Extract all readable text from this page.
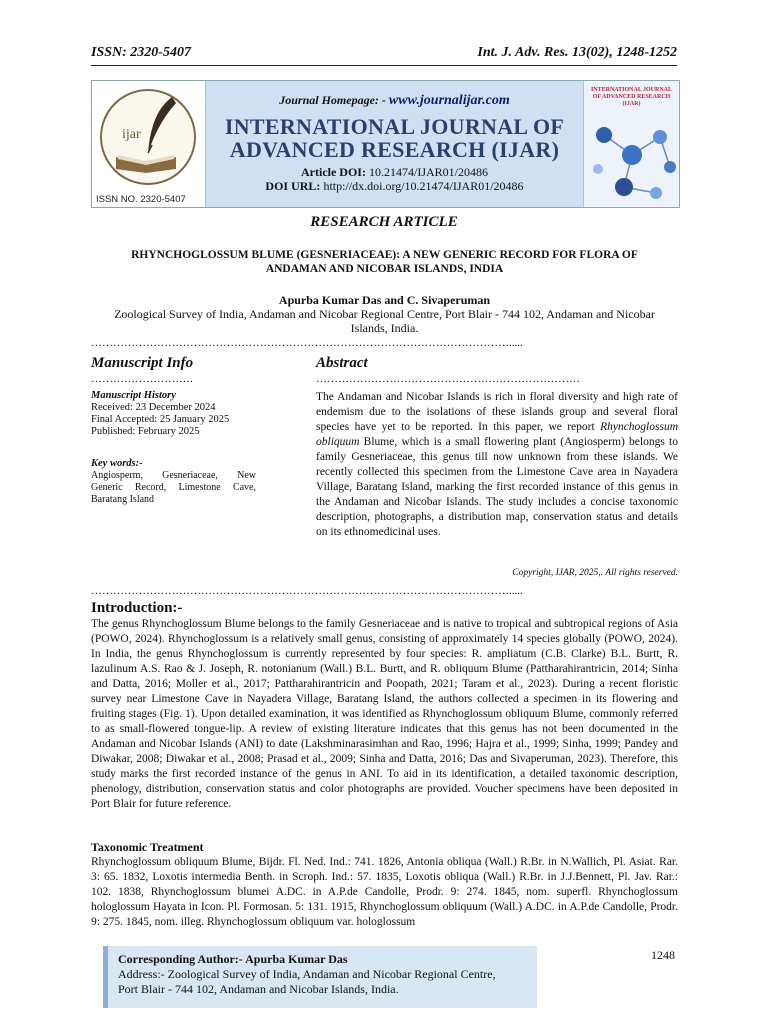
ISSN: 2320-5407	Int. J. Adv. Res. 13(02), 1248-1252
ijar
ISSN NO. 2320-5407
Journal Homepage: - www.journalijar.com
INTERNATIONAL JOURNAL OF
ADVANCED RESEARCH (IJAR)
Article DOI: 10.21474/IJAR01/20486
DOI URL: http://dx.doi.org/10.21474/IJAR01/20486
INTERNATIONAL JOURNAL OF ADVANCED RESEARCH (IJAR)
RESEARCH ARTICLE
RHYNCHOGLOSSUM BLUME (GESNERIACEAE): A NEW GENERIC RECORD FOR FLORA OF
ANDAMAN AND NICOBAR ISLANDS, INDIA
Apurba Kumar Das and C. Sivaperuman
Zoological Survey of India, Andaman and Nicobar Regional Centre, Port Blair - 744 102, Andaman and Nicobar
Islands, India.
…………………………………………………………………………………………………….....
Manuscript Info
……………………….
Manuscript History
Received: 23 December 2024
Final Accepted: 25 January 2025
Published: February 2025
Key words:-
Angiosperm, Gesneriaceae, New Generic Record, Limestone Cave, Baratang Island
Abstract
………………………………………………………………
The Andaman and Nicobar Islands is rich in floral diversity and high rate of endemism due to the isolations of these islands group and several floral species have yet to be reported. In this paper, we report Rhynchoglossum obliquum Blume, which is a small flowering plant (Angiosperm) belongs to family Gesneriaceae, this genus till now unknown from these islands. We recently collected this specimen from the Limestone Cave area in Nayadera Village, Baratang Island, marking the first recorded instance of this genus in the Andaman and Nicobar Islands. The study includes a concise taxonomic description, photographs, a distribution map, conservation status and details on its ethnomedicinal uses.
Copyright, IJAR, 2025,. All rights reserved.
…………………………………………………………………………………………………….....
Introduction:-
The genus Rhynchoglossum Blume belongs to the family Gesneriaceae and is native to tropical and subtropical regions of Asia (POWO, 2024). Rhynchoglossum is a relatively small genus, consisting of approximately 14 species globally (POWO, 2024). In India, the genus Rhynchoglossum is currently represented by four species: R. ampliatum (C.B. Clarke) B.L. Burtt, R. lazulinum A.S. Rao & J. Joseph, R. notonianum (Wall.) B.L. Burtt, and R. obliquum Blume (Pattharahirantricin, 2014; Sinha and Datta, 2016; Moller et al., 2017; Pattharahirantricin and Poopath, 2021; Taram et al., 2023). During a recent floristic survey near Limestone Cave in Nayadera Village, Baratang Island, the authors collected a specimen in its flowering and fruiting stages (Fig. 1). Upon detailed examination, it was identified as Rhynchoglossum obliquum Blume, commonly referred to as small-flowered tongue-lip. A review of existing literature indicates that this genus has not been documented in the Andaman and Nicobar Islands (ANI) to date (Lakshminarasimhan and Rao, 1996; Hajra et al., 1999; Sinha, 1999; Pandey and Diwakar, 2008; Diwakar et al., 2008; Prasad et al., 2009; Sinha and Datta, 2016; Das and Sivaperuman, 2023). Therefore, this study marks the first recorded instance of the genus in ANI. To aid in its identification, a detailed taxonomic description, phenology, distribution, conservation status and color photographs are provided. Voucher specimens have been deposited in Port Blair for future reference.
Taxonomic Treatment
Rhynchoglossum obliquum Blume, Bijdr. Fl. Ned. Ind.: 741. 1826, Antonia obliqua (Wall.) R.Br. in N.Wallich, Pl. Asiat. Rar. 3: 65. 1832, Loxotis intermedia Benth. in Scroph. Ind.: 57. 1835, Loxotis obliqua (Wall.) R.Br. in J.J.Bennett, Pl. Jav. Rar.: 102. 1838, Rhynchoglossum blumei A.DC. in A.P.de Candolle, Prodr. 9: 274. 1845, nom. superfl. Rhynchoglossum hologlossum Hayata in Icon. Pl. Formosan. 5: 131. 1915, Rhynchoglossum obliquum (Wall.) A.DC. in A.P.de Candolle, Prodr. 9: 275. 1845, nom. illeg. Rhynchoglossum obliquum var. hologlossum
Corresponding Author:- Apurba Kumar Das
Address:- Zoological Survey of India, Andaman and Nicobar Regional Centre,
Port Blair - 744 102, Andaman and Nicobar Islands, India.
1248
